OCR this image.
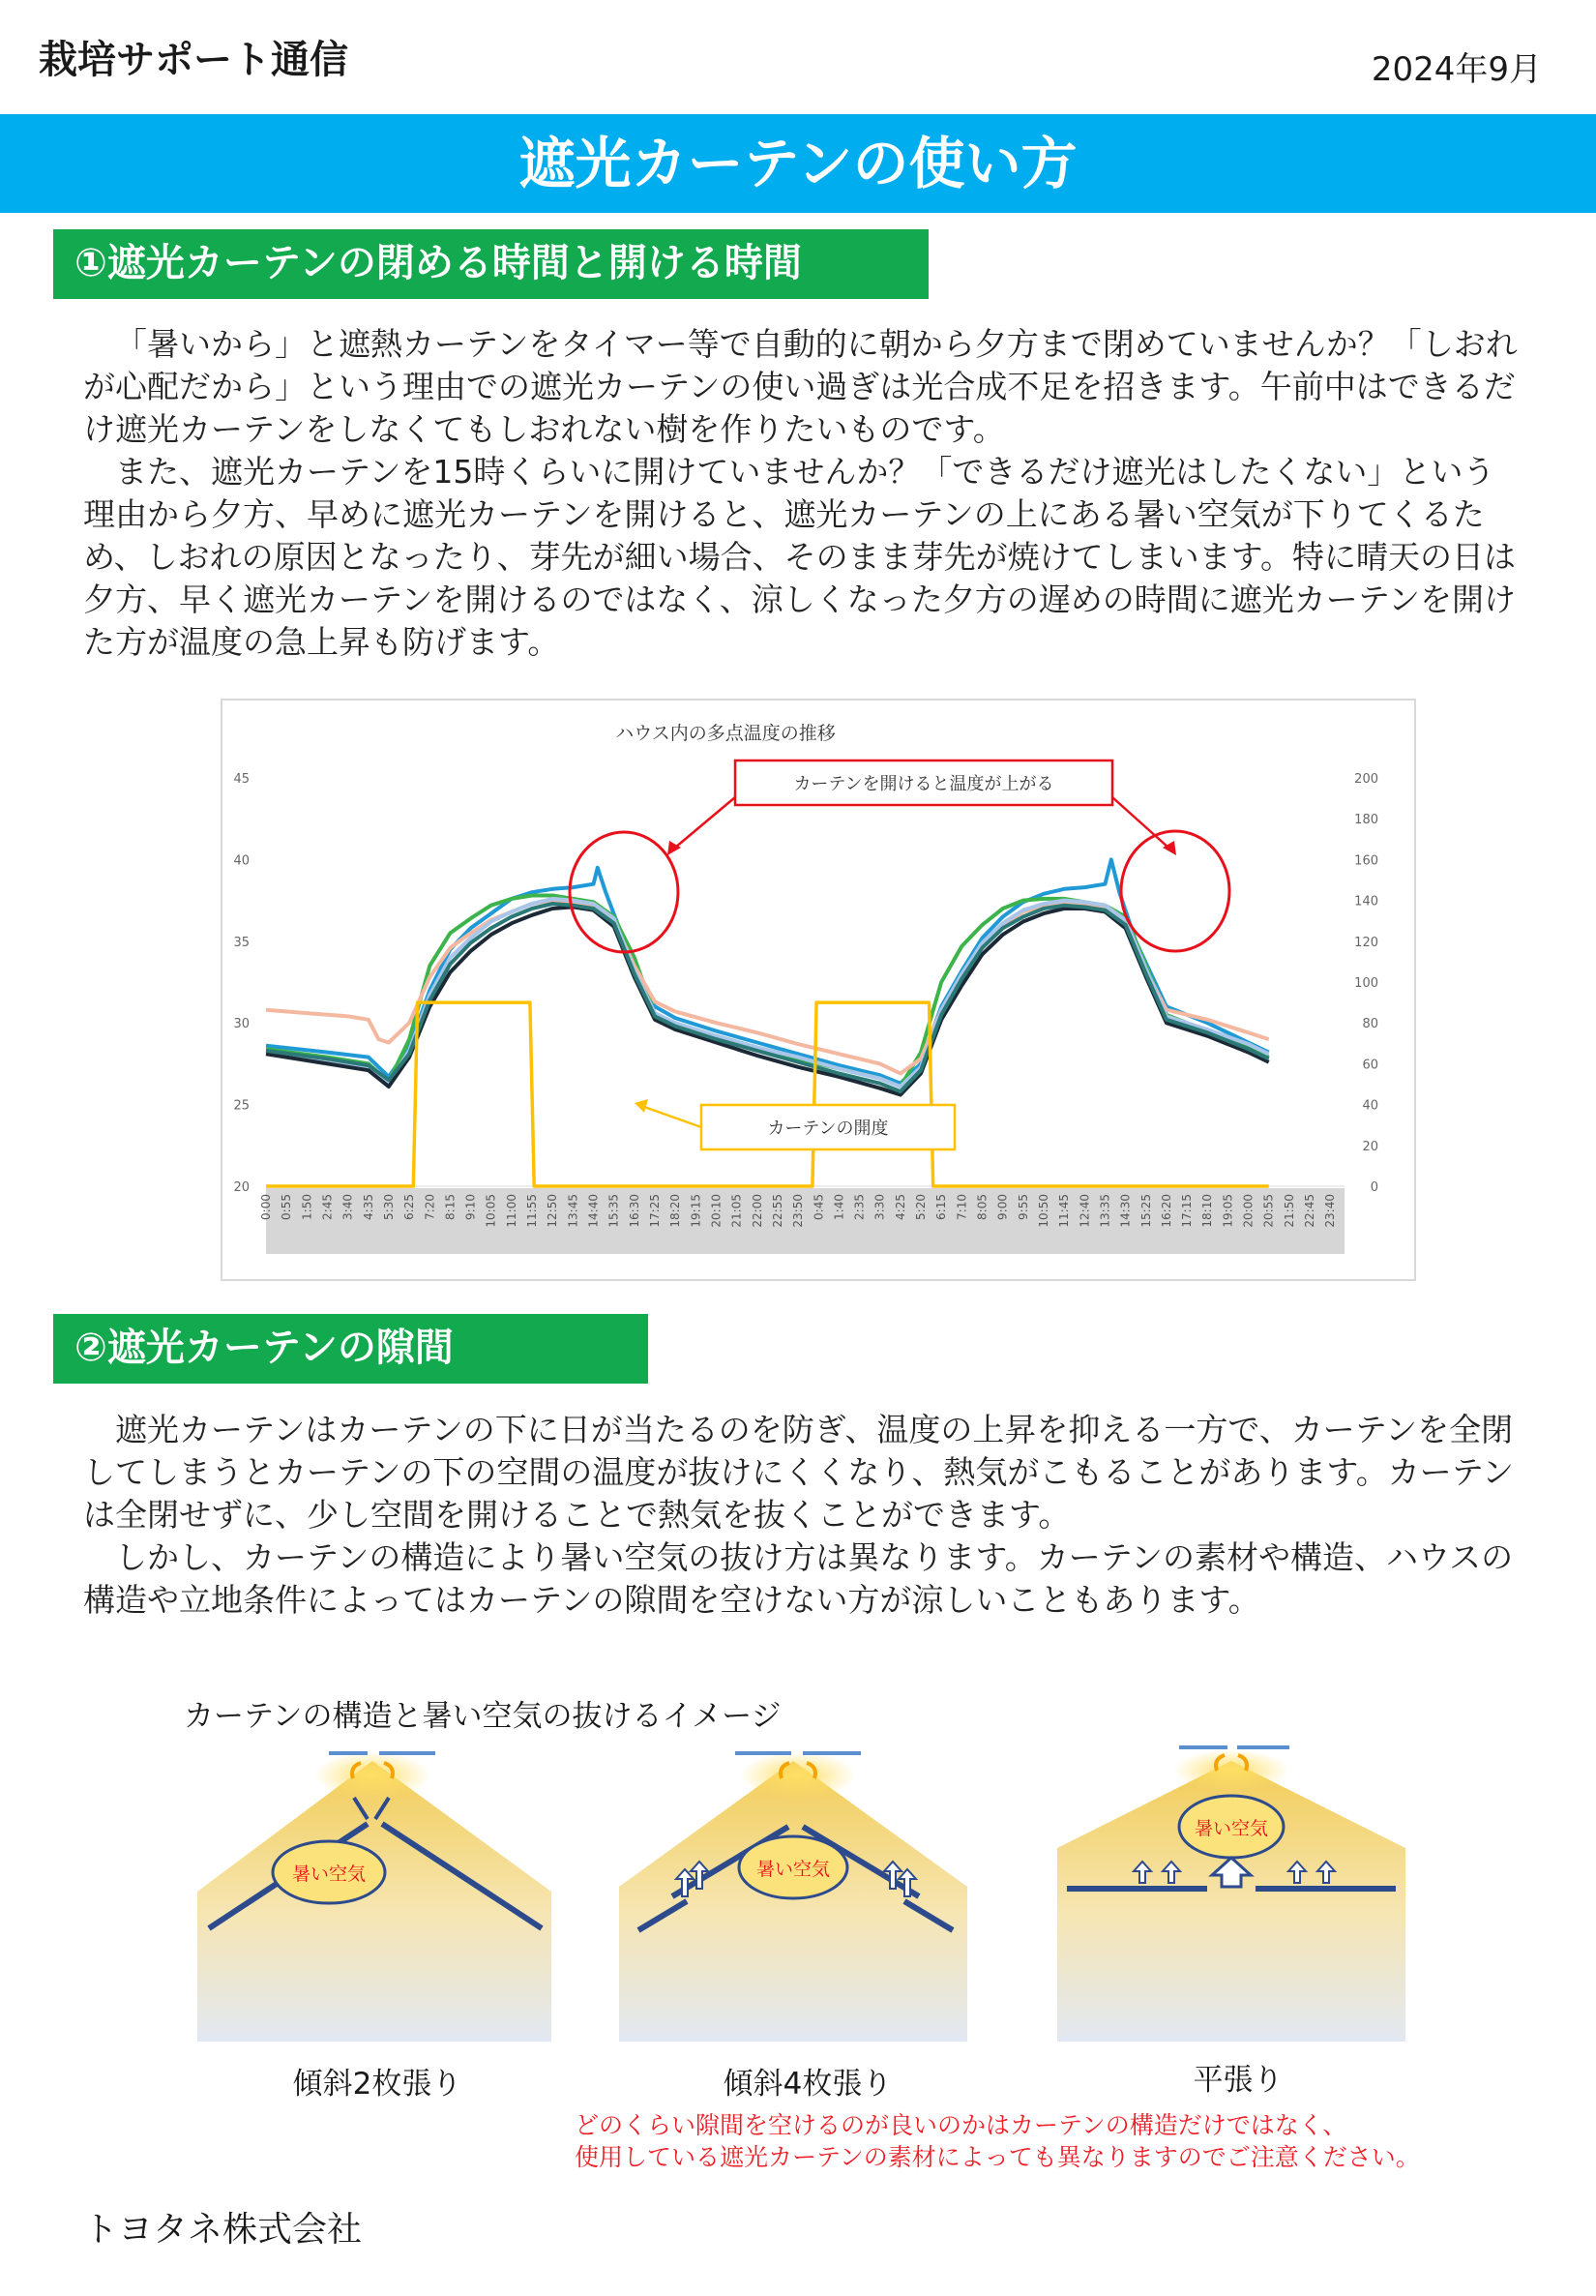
栽培サポート通信	2024年9月
遮光カーテンの使い方
①遮光カーテンの閉める時間と開ける時間

「暑いから」と遮熱カーテンをタイマー等で自動的に朝から夕方まで閉めていませんか？「しおれが心配だから」という理由での遮光カーテンの使い過ぎは光合成不足を招きます。午前中はできるだけ遮光カーテンをしなくてもしおれない樹を作りたいものです。

また、遮光カーテンを15時くらいに開けていませんか？「できるだけ遮光はしたくない」という理由から夕方、早めに遮光カーテンを開けると、遮光カーテンの上にある暑い空気が下りてくるため、しおれの原因となったり、芽先が細い場合、そのまま芽先が焼けてしまいます。特に晴天の日は夕方、早く遮光カーテンを開けるのではなく、涼しくなった夕方の遅めの時間に遮光カーテンを開けた方が温度の急上昇も防げます。

ハウス内の多点温度の推移
20
25
30
35
40
45
0
20
40
60
80
100
120
140
160
180
200
0:00 0:55 1:50 2:45 3:40 4:35 5:30 6:25 7:20 8:15 9:10 10:05 11:00 11:55 12:50 13:45 14:40 15:35 16:30 17:25 18:20 19:15 20:10 21:05 22:00 22:55 23:50 0:45 1:40 2:35 3:30 4:25 5:20 6:15 7:10 8:05 9:00 9:55 10:50 11:45 12:40 13:35 14:30 15:25 16:20 17:15 18:10 19:05 20:00 20:55 21:50 22:45 23:40
カーテンを開けると温度が上がる
カーテンの開度
②遮光カーテンの隙間

遮光カーテンはカーテンの下に日が当たるのを防ぎ、温度の上昇を抑える一方で、カーテンを全閉してしまうとカーテンの下の空間の温度が抜けにくくなり、熱気がこもることがあります。カーテンは全閉せずに、少し空間を開けることで熱気を抜くことができます。

しかし、カーテンの構造により暑い空気の抜け方は異なります。カーテンの素材や構造、ハウスの構造や立地条件によってはカーテンの隙間を空けない方が涼しいこともあります。

カーテンの構造と暑い空気の抜けるイメージ
暑い空気	暑い空気
暑い空気
傾斜2枚張り	傾斜4枚張り	平張り
どのくらい隙間を空けるのが良いのかはカーテンの構造だけではなく、
使用している遮光カーテンの素材によっても異なりますのでご注意ください。
トヨタネ株式会社
